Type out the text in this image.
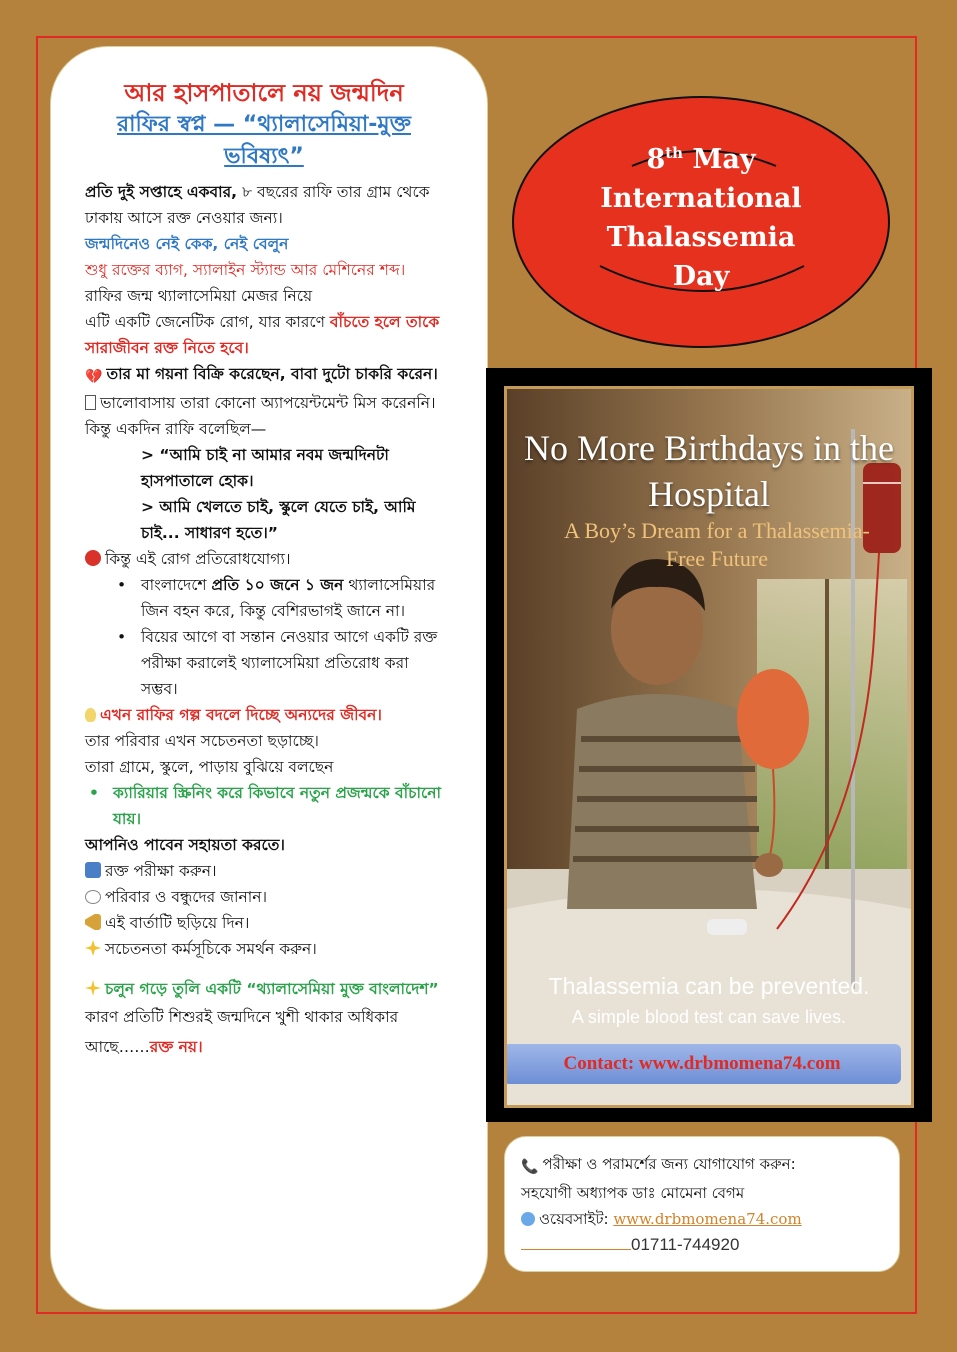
আর হাসপাতালে নয় জন্মদিন

রাফির স্বপ্ন — “থ্যালাসেমিয়া-মুক্ত ভবিষ্যৎ”

প্রতি দুই সপ্তাহে একবার, ৮ বছরের রাফি তার গ্রাম থেকে ঢাকায় আসে রক্ত নেওয়ার জন্য।

জন্মদিনেও নেই কেক, নেই বেলুন

শুধু রক্তের ব্যাগ, স্যালাইন স্ট্যান্ড আর মেশিনের শব্দ।

রাফির জন্ম থ্যালাসেমিয়া মেজর নিয়ে

এটি একটি জেনেটিক রোগ, যার কারণে বাঁচতে হলে তাকে সারাজীবন রক্ত নিতে হবে।

💔 তার মা গয়না বিক্রি করেছেন, বাবা দুটো চাকরি করেন।

ভালোবাসায় তারা কোনো অ্যাপয়েন্টমেন্ট মিস করেননি।

কিন্তু একদিন রাফি বলেছিল—

> “আমি চাই না আমার নবম জন্মদিনটা হাসপাতালে হোক।

> আমি খেলতে চাই, স্কুলে যেতে চাই, আমি চাই... সাধারণ হতে।”

কিন্তু এই রোগ প্রতিরোধযোগ্য।

• বাংলাদেশে প্রতি ১০ জনে ১ জন থ্যালাসেমিয়ার জিন বহন করে, কিন্তু বেশিরভাগই জানে না।

• বিয়ের আগে বা সন্তান নেওয়ার আগে একটি রক্ত পরীক্ষা করালেই থ্যালাসেমিয়া প্রতিরোধ করা সম্ভব।

এখন রাফির গল্প বদলে দিচ্ছে অন্যদের জীবন।

তার পরিবার এখন সচেতনতা ছড়াচ্ছে।

তারা গ্রামে, স্কুলে, পাড়ায় বুঝিয়ে বলছেন

• ক্যারিয়ার স্ক্রিনিং করে কিভাবে নতুন প্রজন্মকে বাঁচানো যায়।

আপনিও পাবেন সহায়তা করতে।

রক্ত পরীক্ষা করুন।

পরিবার ও বন্ধুদের জানান।

এই বার্তাটি ছড়িয়ে দিন।

সচেতনতা কর্মসূচিকে সমর্থন করুন।

চলুন গড়ে তুলি একটি “থ্যালাসেমিয়া মুক্ত বাংলাদেশ”

কারণ প্রতিটি শিশুরই জন্মদিনে খুশী থাকার অধিকার আছে……রক্ত নয়।

8th May
International
Thalassemia
Day
No More Birthdays in the Hospital
A Boy’s Dream for a Thalassemia-Free Future
Thalassemia can be prevented.
A simple blood test can save lives.
Contact: www.drbmomena74.com

📞 পরীক্ষা ও পরামর্শের জন্য যোগাযোগ করুন:

সহযোগী অধ্যাপক ডাঃ মোমেনা বেগম

ওয়েবসাইট: www.drbmomena74.com

01711-744920
